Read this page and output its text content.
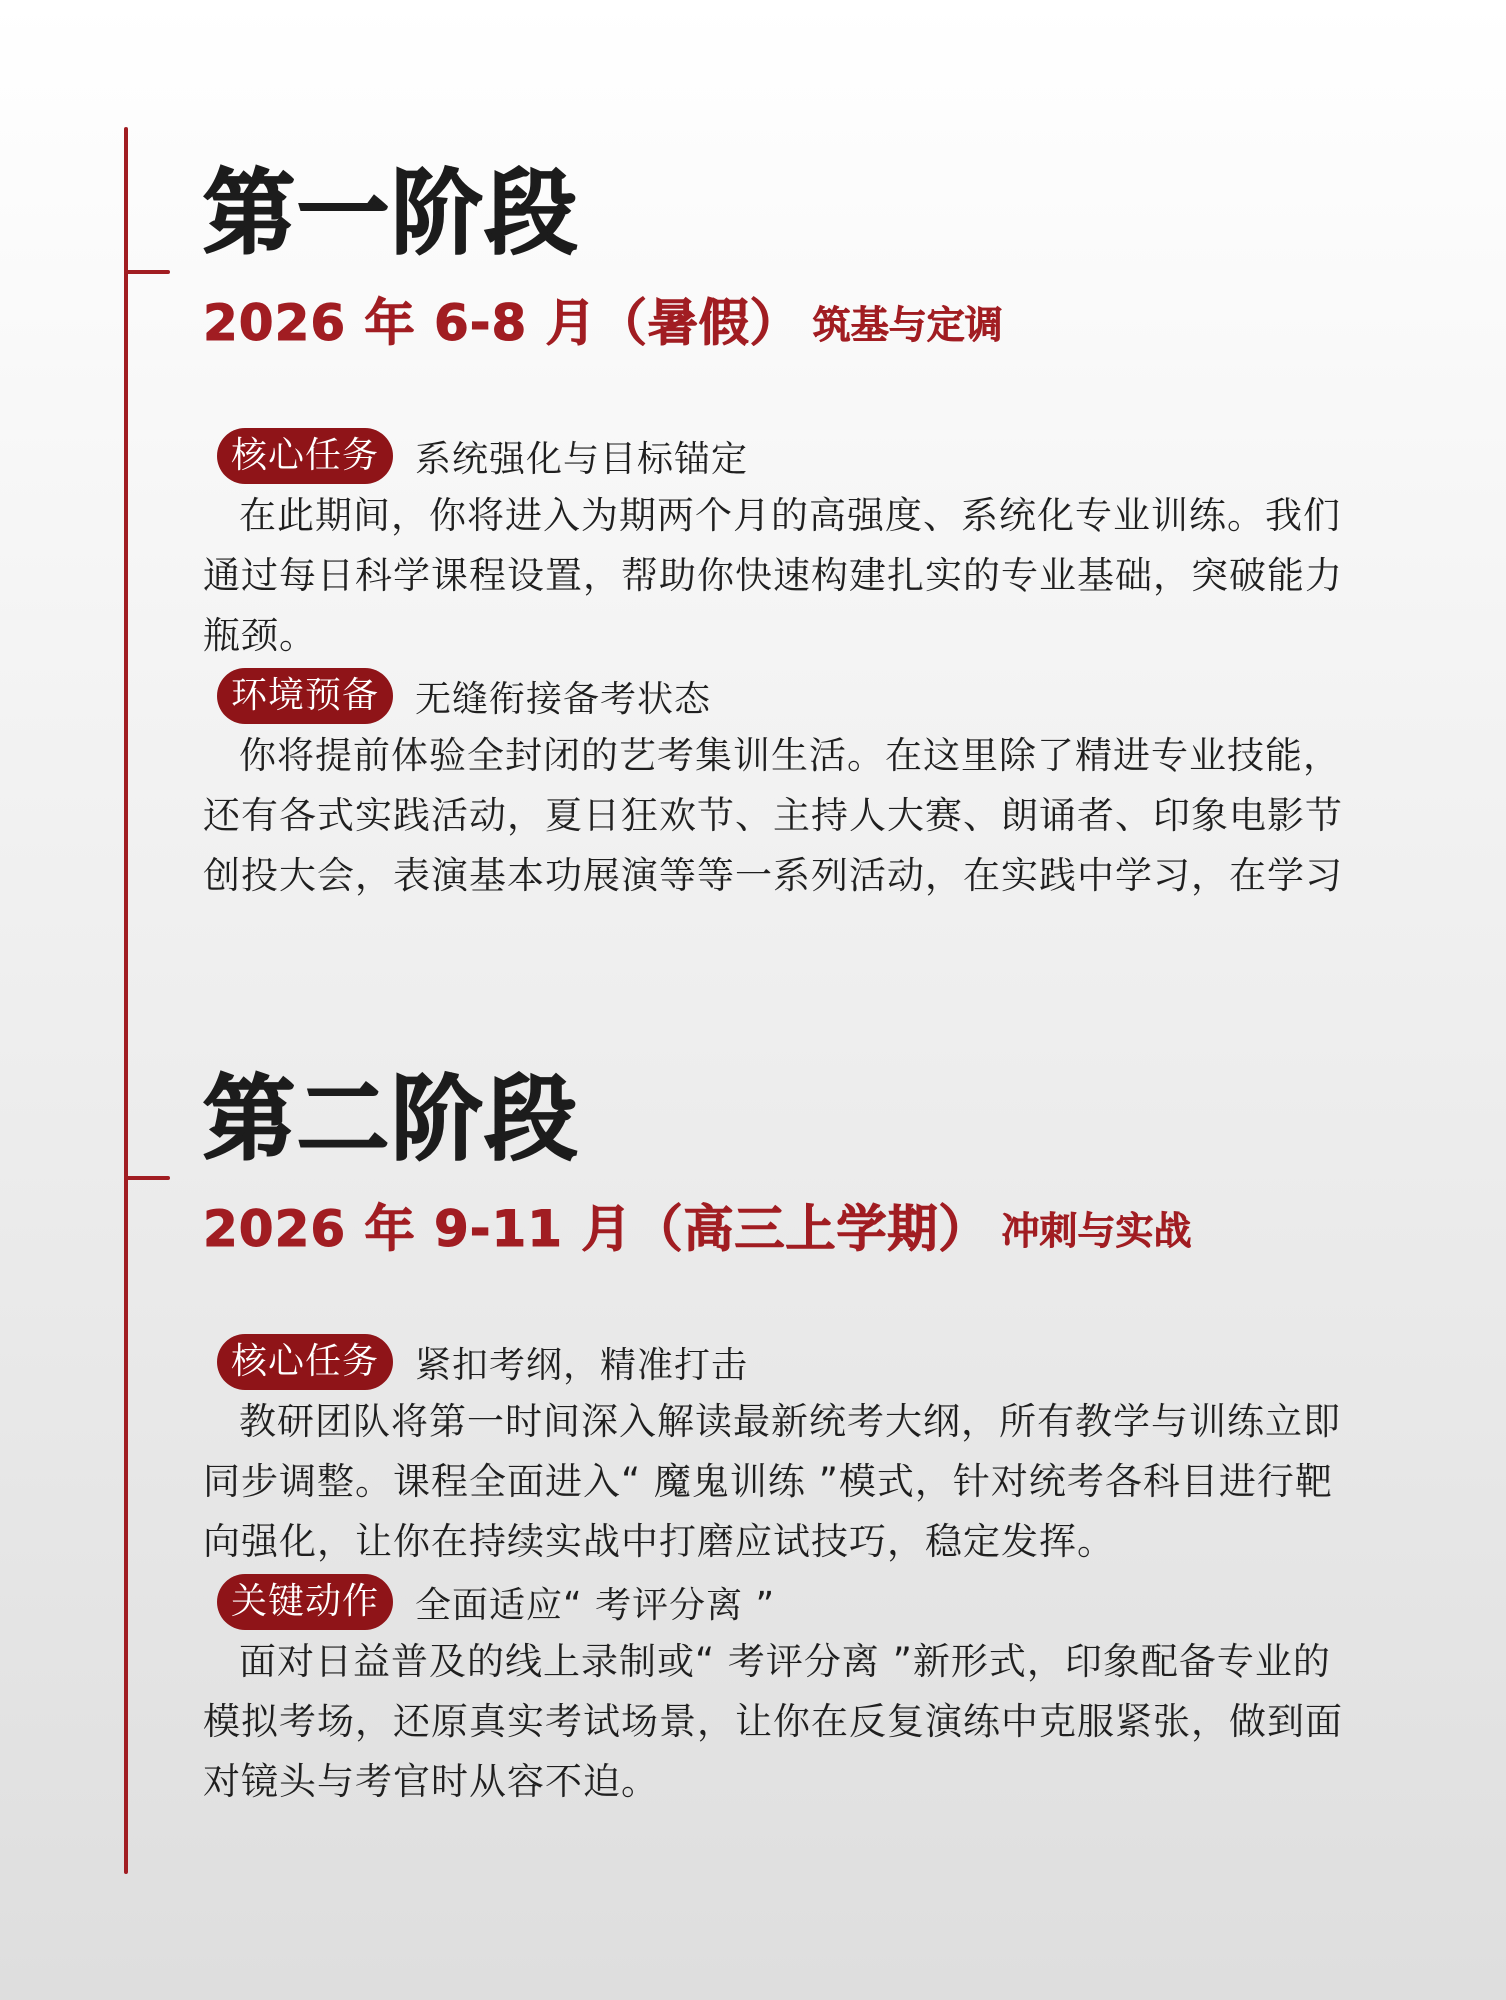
第一阶段
2026 年 6-8 月（暑假） 筑基与定调
核心任务	系统强化与目标锚定

在此期间，你将进入为期两个月的高强度、系统化专业训练。我们
通过每日科学课程设置，帮助你快速构建扎实的专业基础，突破能力
瓶颈。

环境预备	无缝衔接备考状态

你将提前体验全封闭的艺考集训生活。在这里除了精进专业技能，
还有各式实践活动，夏日狂欢节、主持人大赛、朗诵者、印象电影节
创投大会，表演基本功展演等等一系列活动，在实践中学习，在学习

第二阶段
2026 年 9-11 月（高三上学期） 冲刺与实战
核心任务	紧扣考纲，精准打击

教研团队将第一时间深入解读最新统考大纲，所有教学与训练立即
同步调整。课程全面进入“ 魔鬼训练 ”模式，针对统考各科目进行靶
向强化，让你在持续实战中打磨应试技巧，稳定发挥。

关键动作	全面适应“ 考评分离 ”

面对日益普及的线上录制或“ 考评分离 ”新形式，印象配备专业的
模拟考场，还原真实考试场景，让你在反复演练中克服紧张，做到面
对镜头与考官时从容不迫。
